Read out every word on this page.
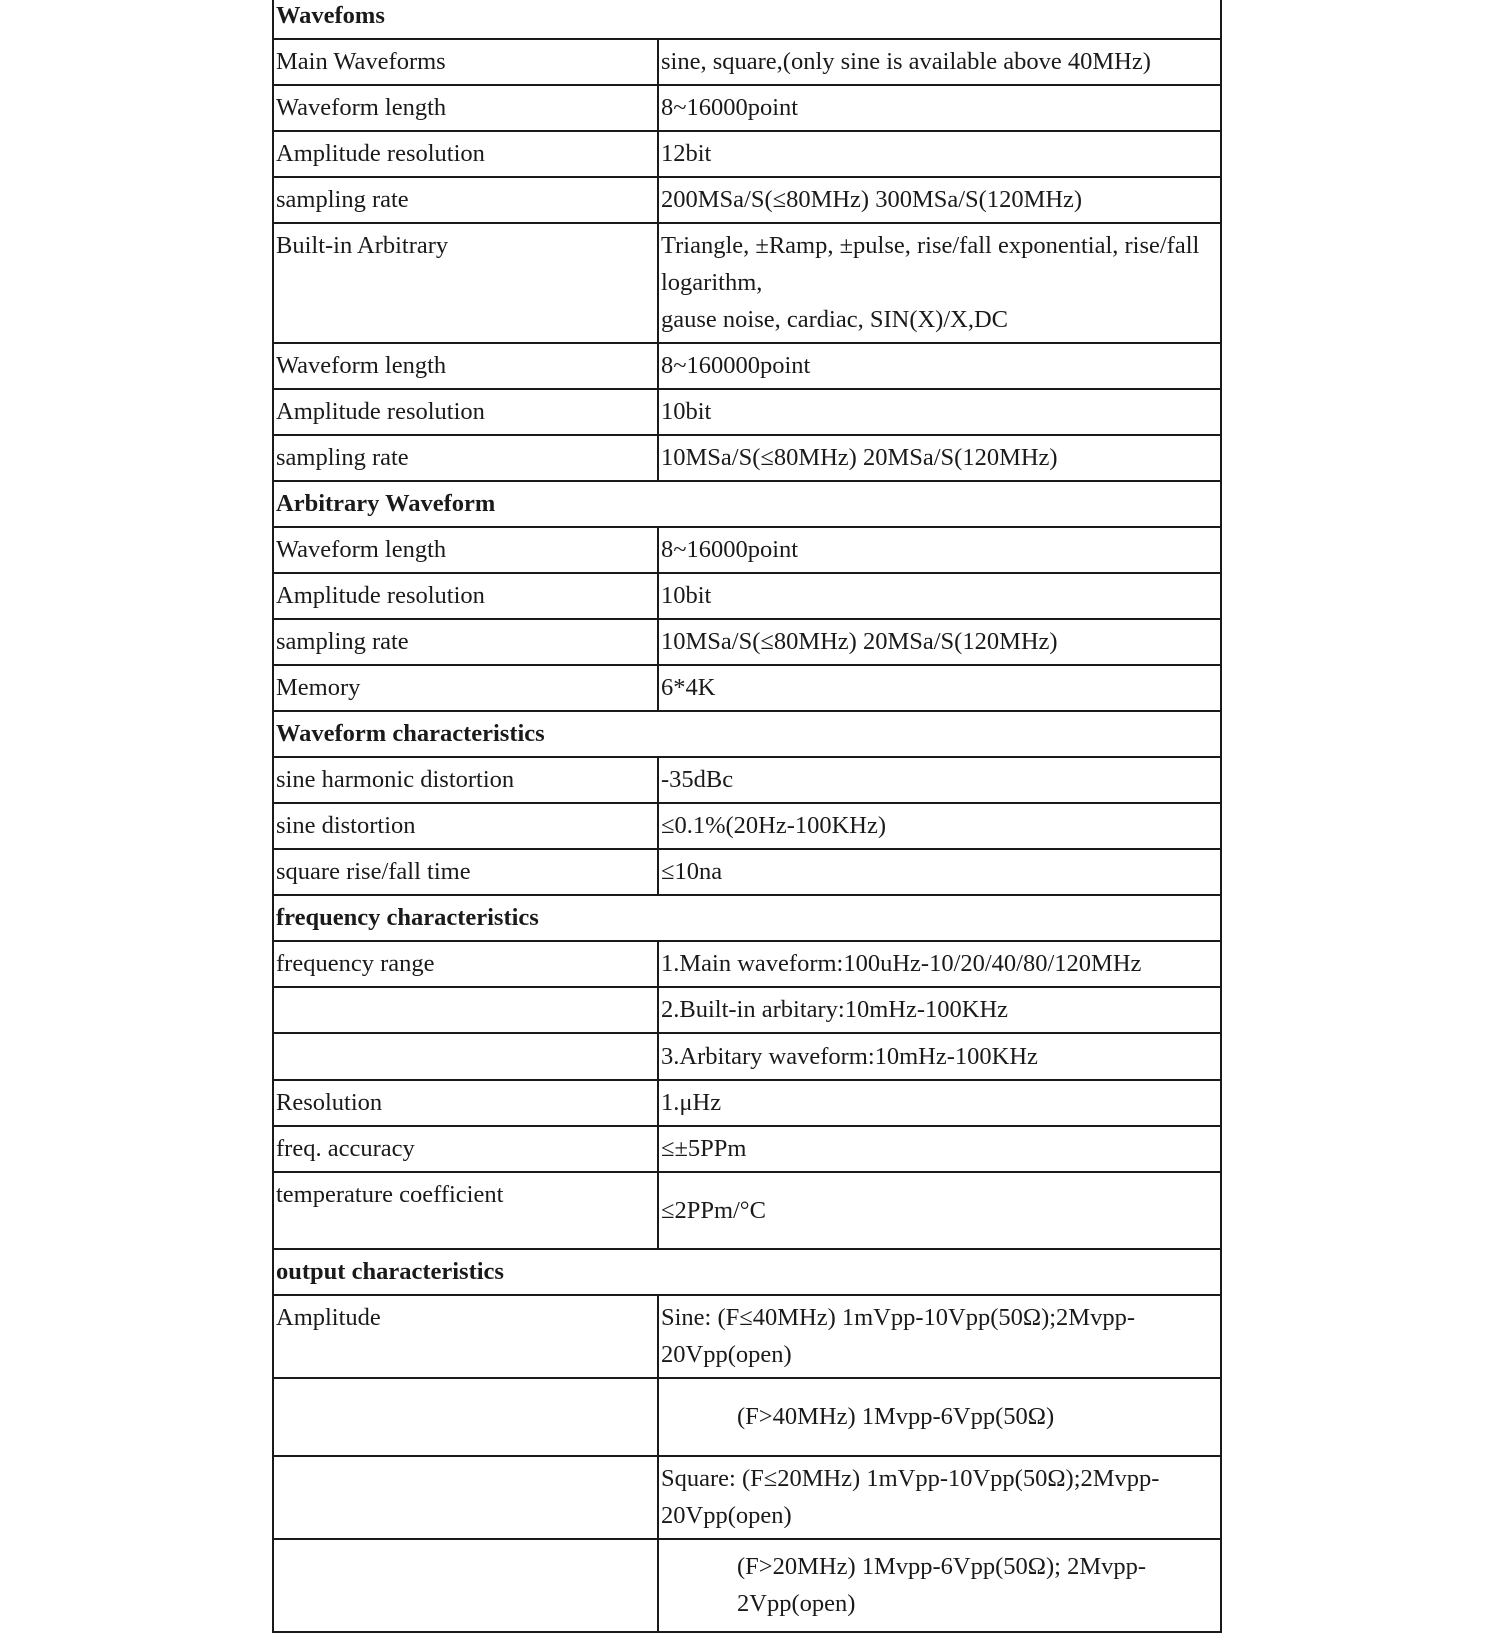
Wavefoms	
Main Waveforms	sine, square,(only sine is available above 40MHz)

Waveform length	8~16000point

Amplitude resolution	12bit

sampling rate	200MSa/S(≤80MHz) 300MSa/S(120MHz)

Built-in Arbitrary	Triangle, ±Ramp, ±pulse, rise/fall exponential, rise/fall
logarithm,
gause noise, cardiac, SIN(X)/X,DC

Waveform length	8~160000point

Amplitude resolution	10bit

sampling rate	10MSa/S(≤80MHz) 20MSa/S(120MHz)

Arbitrary Waveform	
Waveform length	8~16000point

Amplitude resolution	10bit

sampling rate	10MSa/S(≤80MHz) 20MSa/S(120MHz)

Memory	6*4K

Waveform characteristics	
sine harmonic distortion	-35dBc

sine distortion	≤0.1%(20Hz-100KHz)

square rise/fall time	≤10na

frequency characteristics	
frequency range	1.Main waveform:100uHz-10/20/40/80/120MHz

	2.Built-in arbitary:10mHz-100KHz

	3.Arbitary waveform:10mHz-100KHz

Resolution	1.μHz

freq. accuracy	≤±5PPm

temperature coefficient	≤2PPm/°C

output characteristics	
Amplitude	Sine: (F≤40MHz) 1mVpp-10Vpp(50Ω);2Mvpp-
20Vpp(open)

	(F>40MHz) 1Mvpp-6Vpp(50Ω)

	Square: (F≤20MHz) 1mVpp-10Vpp(50Ω);2Mvpp-
20Vpp(open)

	(F>20MHz) 1Mvpp-6Vpp(50Ω); 2Mvpp-
2Vpp(open)
